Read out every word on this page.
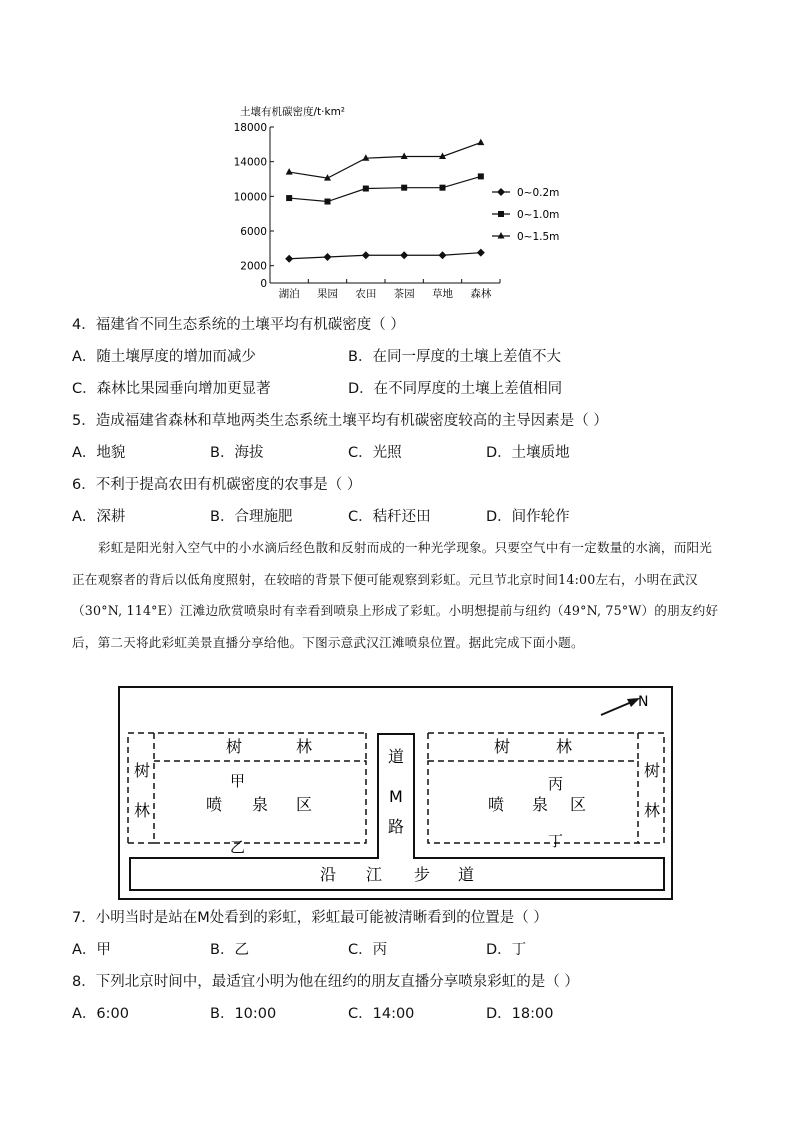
土壤有机碳密度/t·km²
18000
14000
10000
6000
2000
0
湖泊 果园 农田 茶园 草地 森林
0~0.2m
0~1.0m
0~1.5m
4．福建省不同生态系统的土壤平均有机碳密度（ ）
A．随土壤厚度的增加而减少	B．在同一厚度的土壤上差值不大
C．森林比果园垂向增加更显著	D．在不同厚度的土壤上差值相同
5．造成福建省森林和草地两类生态系统土壤平均有机碳密度较高的主导因素是（ ）
A．地貌	B．海拔	C．光照	D．土壤质地
6．不利于提高农田有机碳密度的农事是（ ）
A．深耕	B．合理施肥	C．秸秆还田	D．间作轮作
彩虹是阳光射入空气中的小水滴后经色散和反射而成的一种光学现象。只要空气中有一定数量的水滴，而阳光正在观察者的背后以低角度照射，在较暗的背景下便可能观察到彩虹。元旦节北京时间14:00左右，小明在武汉（30°N, 114°E）江滩边欣赏喷泉时有幸看到喷泉上形成了彩虹。小明想提前与纽约（49°N, 75°W）的朋友约好后，第二天将此彩虹美景直播分享给他。下图示意武汉江滩喷泉位置。据此完成下面小题。
N
树	林
树
林
甲
喷 泉 区
乙
道
M
路
树	林
树
林
丙
喷 泉 区
丁
沿 江 步 道
7．小明当时是站在M处看到的彩虹，彩虹最可能被清晰看到的位置是（ ）
A．甲	B．乙	C．丙	D．丁
8．下列北京时间中，最适宜小明为他在纽约的朋友直播分享喷泉彩虹的是（ ）
A．6:00	B．10:00	C．14:00	D．18:00
